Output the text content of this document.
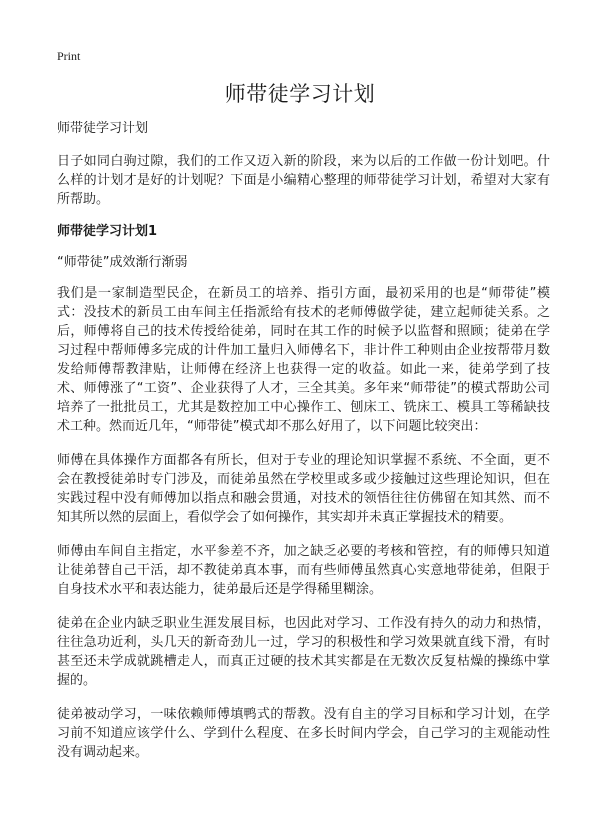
Print

师带徒学习计划

师带徒学习计划

日子如同白驹过隙，我们的工作又迈入新的阶段，来为以后的工作做一份计划吧。什么样的计划才是好的计划呢？下面是小编精心整理的师带徒学习计划，希望对大家有所帮助。

师带徒学习计划1

“师带徒”成效渐行渐弱

我们是一家制造型民企，在新员工的培养、指引方面，最初采用的也是“师带徒”模式：没技术的新员工由车间主任指派给有技术的老师傅做学徒，建立起师徒关系。之后，师傅将自己的技术传授给徒弟，同时在其工作的时候予以监督和照顾；徒弟在学习过程中帮师傅多完成的计件加工量归入师傅名下，非计件工种则由企业按帮带月数发给师傅帮教津贴，让师傅在经济上也获得一定的收益。如此一来，徒弟学到了技术、师傅涨了“工资”、企业获得了人才，三全其美。多年来“师带徒”的模式帮助公司培养了一批批员工，尤其是数控加工中心操作工、刨床工、铣床工、模具工等稀缺技术工种。然而近几年，“师带徒”模式却不那么好用了，以下问题比较突出：

师傅在具体操作方面都各有所长，但对于专业的理论知识掌握不系统、不全面，更不会在教授徒弟时专门涉及，而徒弟虽然在学校里或多或少接触过这些理论知识，但在实践过程中没有师傅加以指点和融会贯通，对技术的领悟往往仿佛留在知其然、而不知其所以然的层面上，看似学会了如何操作，其实却并未真正掌握技术的精要。

师傅由车间自主指定，水平参差不齐，加之缺乏必要的考核和管控，有的师傅只知道让徒弟替自己干活，却不教徒弟真本事，而有些师傅虽然真心实意地带徒弟，但限于自身技术水平和表达能力，徒弟最后还是学得稀里糊涂。

徒弟在企业内缺乏职业生涯发展目标，也因此对学习、工作没有持久的动力和热情，往往急功近利，头几天的新奇劲儿一过，学习的积极性和学习效果就直线下滑，有时甚至还未学成就跳槽走人，而真正过硬的技术其实都是在无数次反复枯燥的操练中掌握的。

徒弟被动学习，一味依赖师傅填鸭式的帮教。没有自主的学习目标和学习计划，在学习前不知道应该学什么、学到什么程度、在多长时间内学会，自己学习的主观能动性没有调动起来。
